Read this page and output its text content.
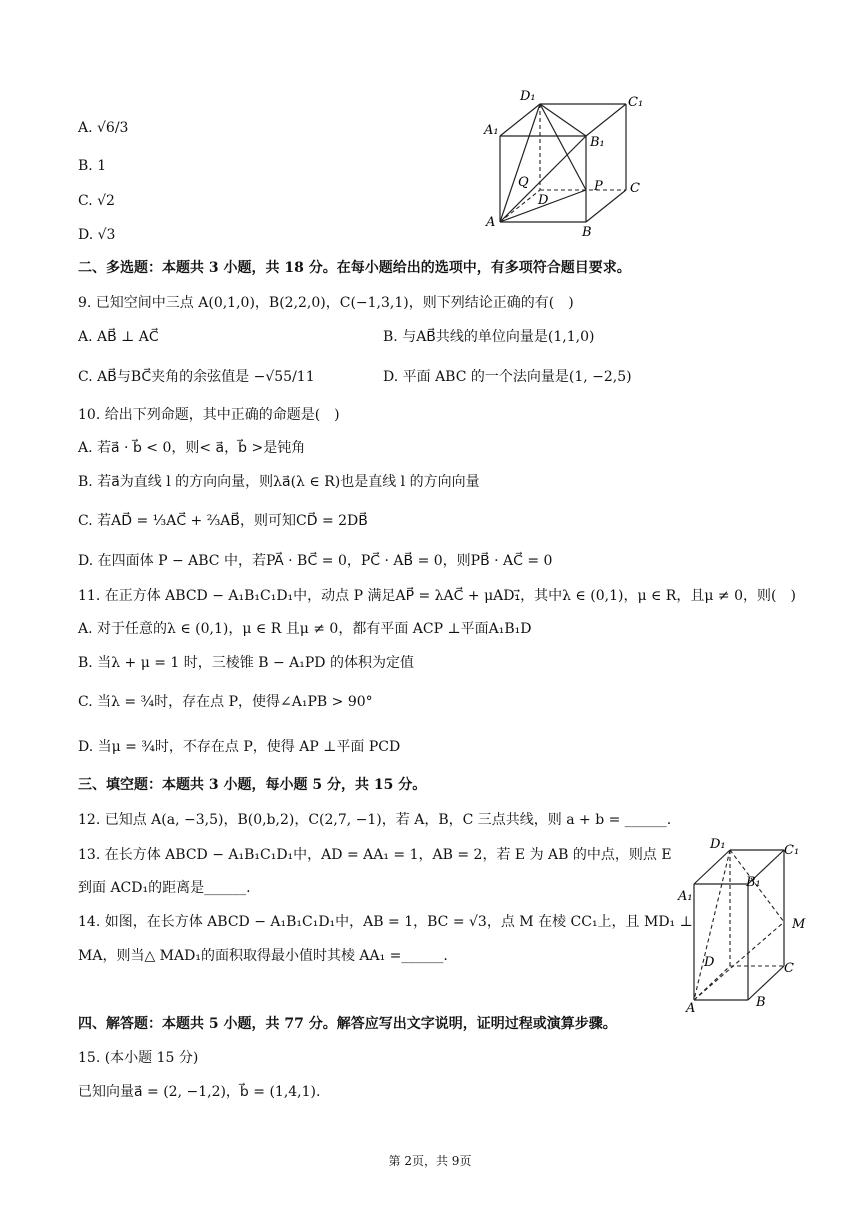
A. √6/3
B. 1
C. √2
D. √3
D₁	C₁
A₁
B₁
Q	P
D
C
A
B
二、多选题：本题共 3 小题，共 18 分。在每小题给出的选项中，有多项符合题目要求。
9. 已知空间中三点 A(0,1,0)，B(2,2,0)，C(−1,3,1)，则下列结论正确的有(　)
A. AB⃗ ⊥ AC⃗	B. 与AB⃗共线的单位向量是(1,1,0)
C. AB⃗与BC⃗夹角的余弦值是 −√55/11	D. 平面 ABC 的一个法向量是(1, −2,5)
10. 给出下列命题，其中正确的命题是(　)
A. 若a⃗ · b⃗ < 0，则< a⃗，b⃗ >是钝角
B. 若a⃗为直线 l 的方向向量，则λa⃗(λ ∈ R)也是直线 l 的方向向量
C. 若AD⃗ = ⅓AC⃗ + ⅔AB⃗，则可知CD⃗ = 2DB⃗
D. 在四面体 P − ABC 中，若PA⃗ · BC⃗ = 0，PC⃗ · AB⃗ = 0，则PB⃗ · AC⃗ = 0
11. 在正方体 ABCD − A₁B₁C₁D₁中，动点 P 满足AP⃗ = λAC⃗ + μAD₁⃗，其中λ ∈ (0,1)，μ ∈ R，且μ ≠ 0，则(　)
A. 对于任意的λ ∈ (0,1)，μ ∈ R 且μ ≠ 0，都有平面 ACP ⊥平面A₁B₁D
B. 当λ + μ = 1 时，三棱锥 B − A₁PD 的体积为定值
C. 当λ = ¾时，存在点 P，使得∠A₁PB > 90°
D. 当μ = ¾时，不存在点 P，使得 AP ⊥平面 PCD
三、填空题：本题共 3 小题，每小题 5 分，共 15 分。
12. 已知点 A(a, −3,5)，B(0,b,2)，C(2,7, −1)，若 A，B，C 三点共线，则 a + b = ______.
13. 在长方体 ABCD − A₁B₁C₁D₁中，AD = AA₁ = 1，AB = 2，若 E 为 AB 的中点，则点 E
到面 ACD₁的距离是______.
14. 如图，在长方体 ABCD − A₁B₁C₁D₁中，AB = 1，BC = √3，点 M 在棱 CC₁上，且 MD₁ ⊥
MA，则当△ MAD₁的面积取得最小值时其棱 AA₁ =______.
D₁	C₁
A₁
B₁
M
D	C
A	B
四、解答题：本题共 5 小题，共 77 分。解答应写出文字说明，证明过程或演算步骤。
15. (本小题 15 分)
已知向量a⃗ = (2, −1,2)，b⃗ = (1,4,1).
第 2页，共 9页
